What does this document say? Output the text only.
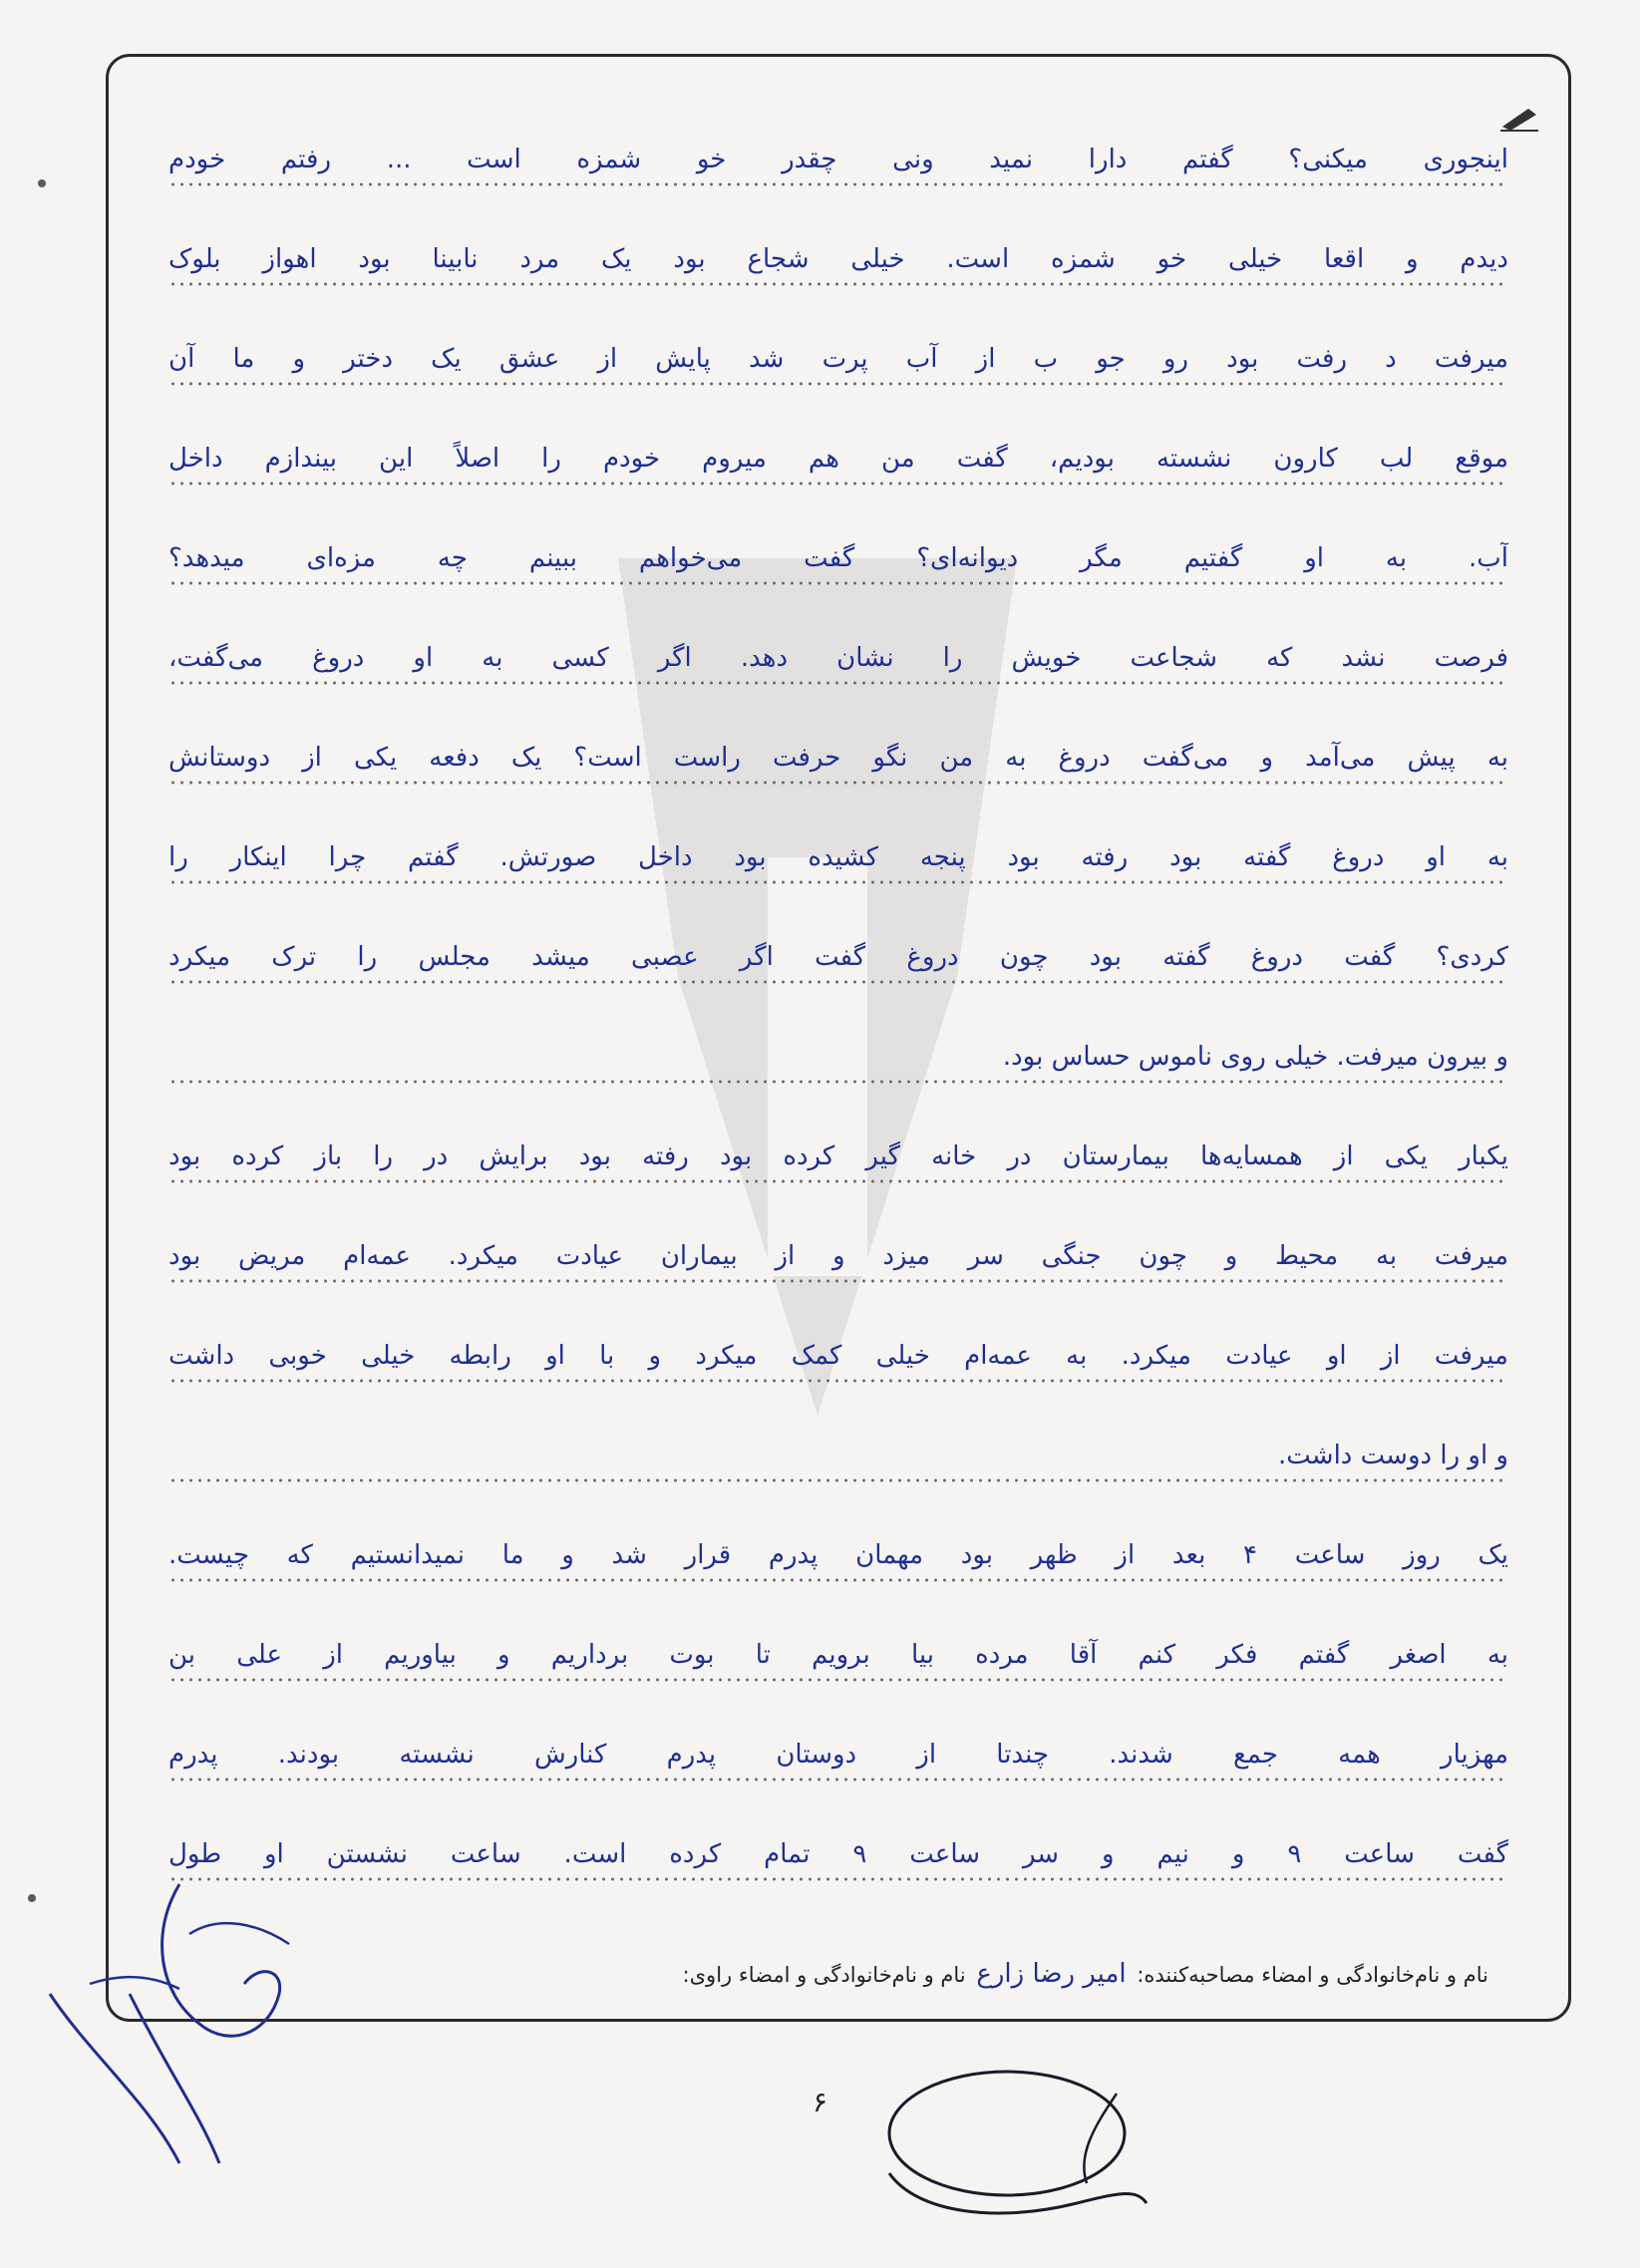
ا‌ینجوری میکنی؟ گفتم دارا نمید ونی چقدر خو شمزه است ... رفتم خودم
دیدم و اقعا خیلی خو شمزه است. خیلی شجاع بود یک مرد نابینا بود اهواز بلوک
میرفت د رفت بود رو جو ب از آب پرت شد پایش از عشق یک دختر و ما آن
موقع لب کارون نشسته بودیم، گفت من هم میروم خودم را اصلاً این بیندازم داخل
آب. به او گفتیم مگر دیوانه‌ای؟ گفت می‌خواهم ببینم چه مزه‌ای میدهد؟
فرصت نشد که شجاعت خویش را نشان دهد. اگر کسی به او دروغ می‌گفت،
به پیش می‌آمد و می‌گفت دروغ به من نگو حرفت راست است؟ یک دفعه یکی از دوستانش
به او دروغ گفته بود رفته بود پنجه کشیده بود داخل صورتش. گفتم چرا اینکار را
کردی؟ گفت دروغ گفته بود چون دروغ گفت اگر عصبی میشد مجلس را ترک میکرد
و بیرون میرفت. خیلی روی ناموس حساس بود.
یکبار یکی از همسایه‌ها بیمارستان در خانه گیر کرده بود رفته بود برایش در را باز کرده بود
میرفت به محیط و چون جنگی سر میزد و از بیماران عیادت میکرد. عمه‌ام مریض بود
میرفت از او عیادت میکرد. به عمه‌ام خیلی کمک میکرد و با او رابطه خیلی خوبی داشت
و او را دوست داشت.
یک روز ساعت ۴ بعد از ظهر بود مهمان پدرم قرار شد و ما نمیدانستیم که چیست.
به اصغر گفتم فکر کنم آقا مرده بیا برویم تا بوت برداریم و بیاوریم از علی بن
مهزیار همه جمع شدند. چندتا از دوستان پدرم کنارش نشسته بودند. پدرم
گفت ساعت ۹ و نیم و سر ساعت ۹ تمام کرده است. ساعت نشستن او طول
نام و نام‌خانوادگی و امضاء مصاحبه‌کننده: امیر رضا زارع نام و نام‌خانوادگی و امضاء راوی:
۶
